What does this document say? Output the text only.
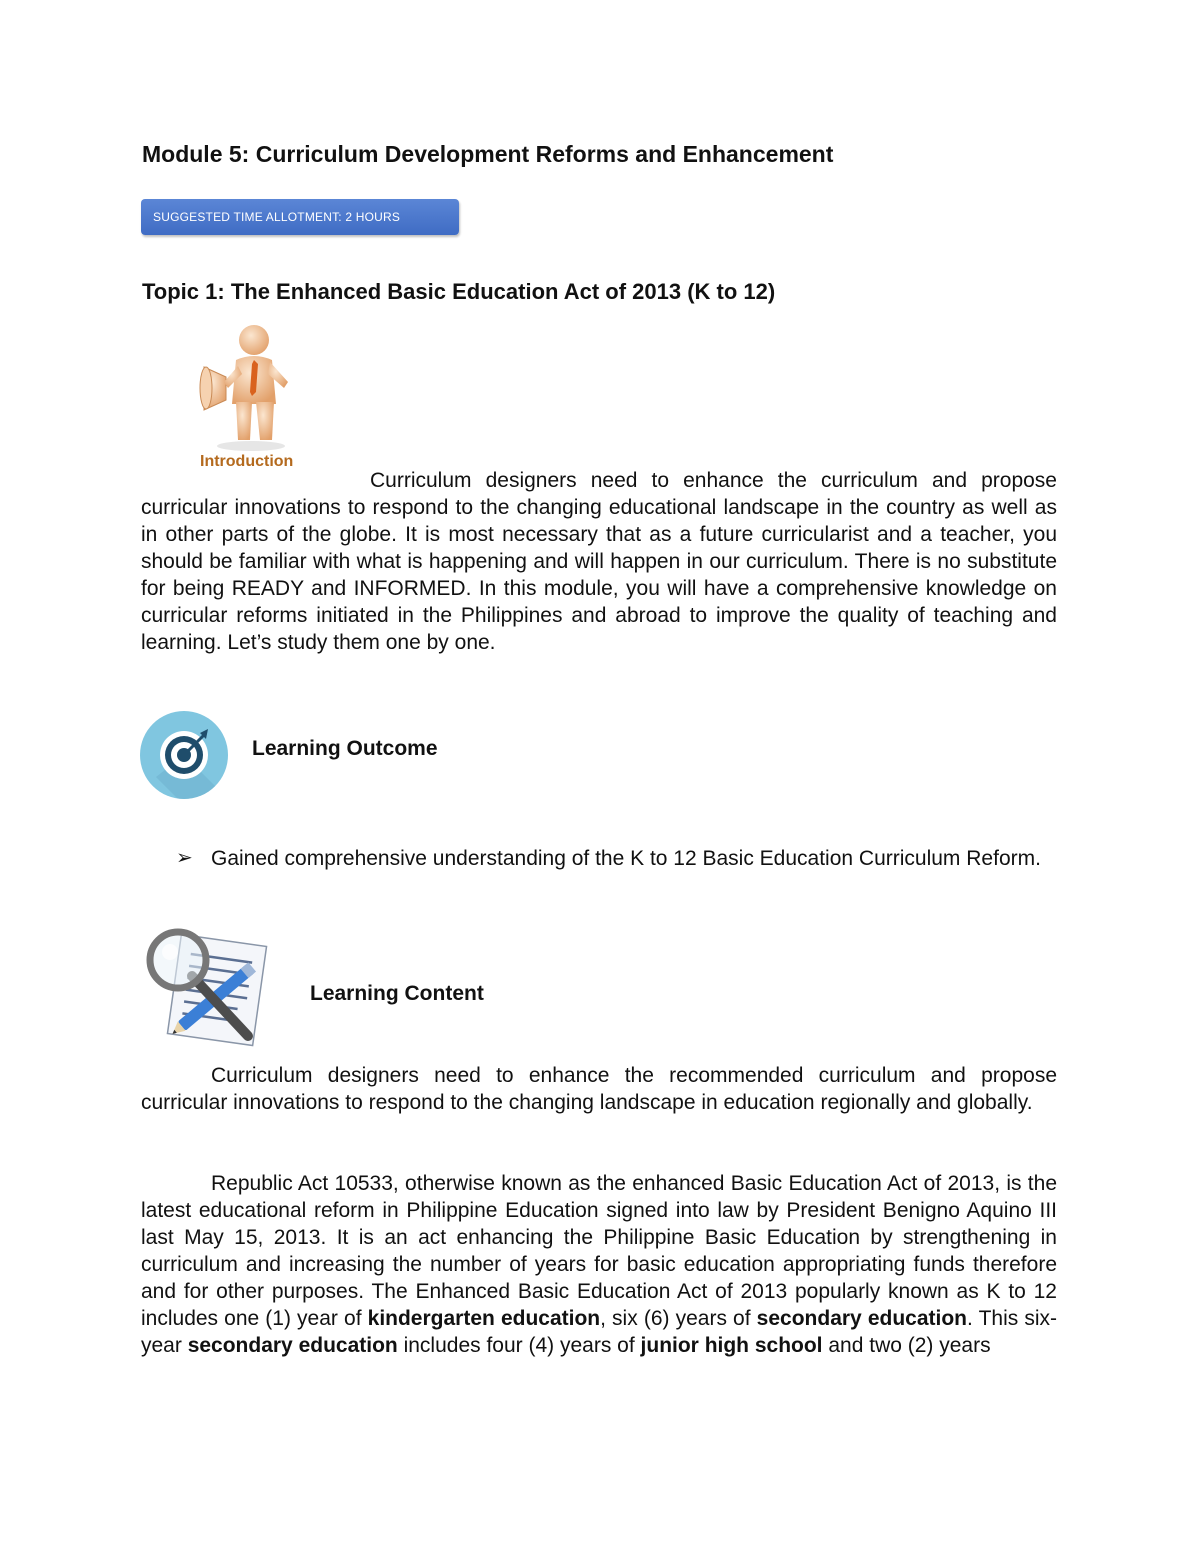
Module 5: Curriculum Development Reforms and Enhancement
SUGGESTED TIME ALLOTMENT: 2 HOURS
Topic 1: The Enhanced Basic Education Act of 2013 (K to 12)
Introduction
Curriculum designers need to enhance the curriculum and propose curricular innovations to respond to the changing educational landscape in the country as well as in other parts of the globe. It is most necessary that as a future curricularist and a teacher, you should be familiar with what is happening and will happen in our curriculum. There is no substitute for being READY and INFORMED. In this module, you will have a comprehensive knowledge on curricular reforms initiated in the Philippines and abroad to improve the quality of teaching and learning. Let’s study them one by one.
Learning Outcome
➢ Gained comprehensive understanding of the K to 12 Basic Education Curriculum Reform.
Learning Content
Curriculum designers need to enhance the recommended curriculum and propose curricular innovations to respond to the changing landscape in education regionally and globally.
Republic Act 10533, otherwise known as the enhanced Basic Education Act of 2013, is the latest educational reform in Philippine Education signed into law by President Benigno Aquino III last May 15, 2013. It is an act enhancing the Philippine Basic Education by strengthening in curriculum and increasing the number of years for basic education appropriating funds therefore and for other purposes. The Enhanced Basic Education Act of 2013 popularly known as K to 12 includes one (1) year of kindergarten education, six (6) years of secondary education. This six-year secondary education includes four (4) years of junior high school and two (2) years
